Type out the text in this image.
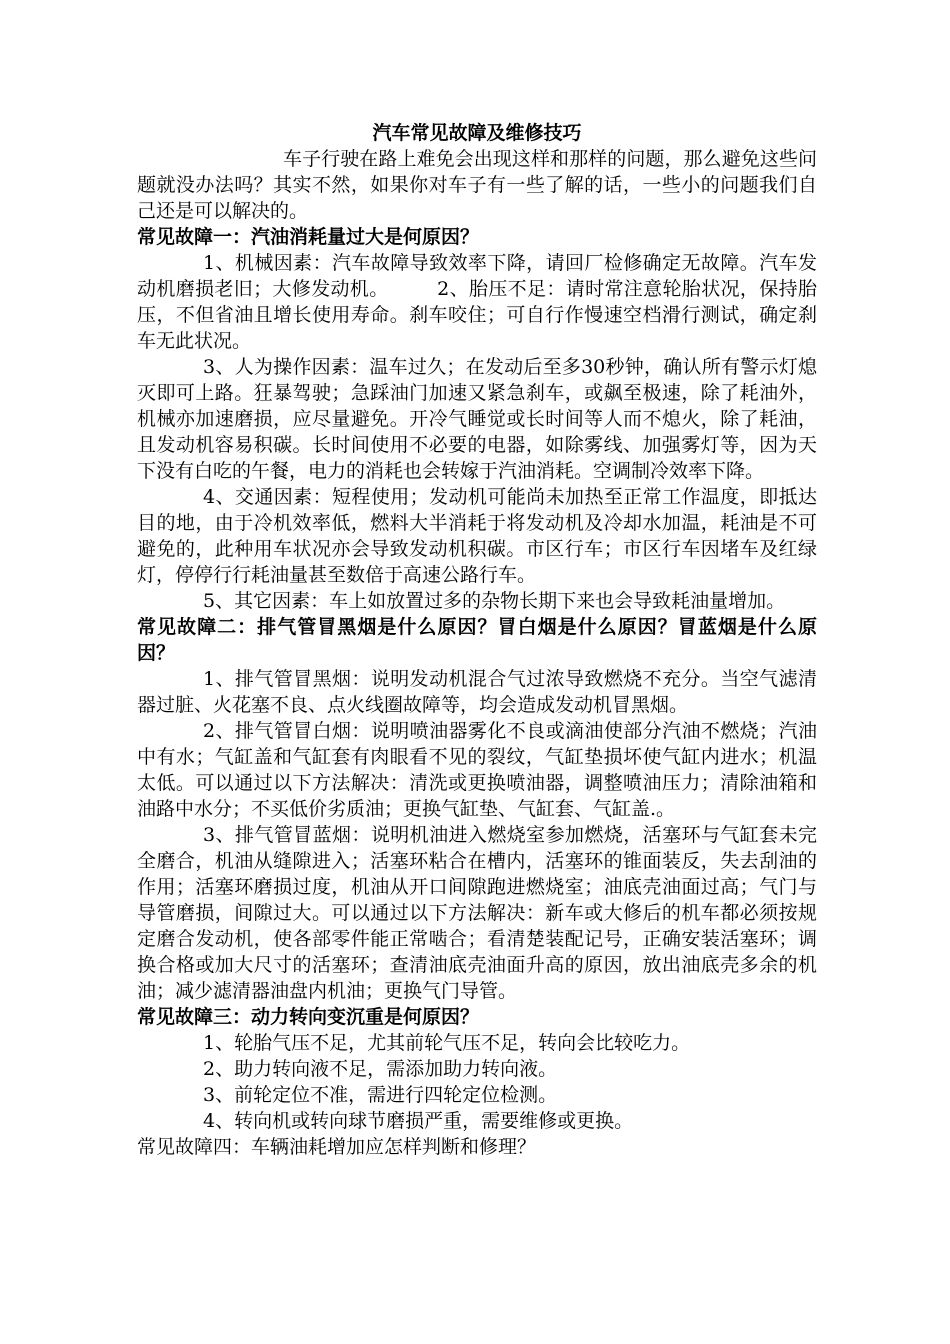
汽车常见故障及维修技巧

车子行驶在路上难免会出现这样和那样的问题，那么避免这些问题就没办法吗？其实不然，如果你对车子有一些了解的话，一些小的问题我们自己还是可以解决的。

常见故障一：汽油消耗量过大是何原因？

1、机械因素：汽车故障导致效率下降，请回厂检修确定无故障。汽车发动机磨损老旧；大修发动机。　　　2、胎压不足：请时常注意轮胎状况，保持胎压，不但省油且增长使用寿命。刹车咬住；可自行作慢速空档滑行测试，确定刹车无此状况。

3、人为操作因素：温车过久；在发动后至多30秒钟，确认所有警示灯熄灭即可上路。狂暴驾驶；急踩油门加速又紧急刹车，或飙至极速，除了耗油外，机械亦加速磨损，应尽量避免。开冷气睡觉或长时间等人而不熄火，除了耗油，且发动机容易积碳。长时间使用不必要的电器，如除雾线、加强雾灯等，因为天下没有白吃的午餐，电力的消耗也会转嫁于汽油消耗。空调制冷效率下降。

4、交通因素：短程使用；发动机可能尚未加热至正常工作温度，即抵达目的地，由于冷机效率低，燃料大半消耗于将发动机及冷却水加温，耗油是不可避免的，此种用车状况亦会导致发动机积碳。市区行车；市区行车因堵车及红绿灯，停停行行耗油量甚至数倍于高速公路行车。

5、其它因素：车上如放置过多的杂物长期下来也会导致耗油量增加。

常见故障二：排气管冒黑烟是什么原因？冒白烟是什么原因？冒蓝烟是什么原因？

1、排气管冒黑烟：说明发动机混合气过浓导致燃烧不充分。当空气滤清器过脏、火花塞不良、点火线圈故障等，均会造成发动机冒黑烟。

2、排气管冒白烟：说明喷油器雾化不良或滴油使部分汽油不燃烧；汽油中有水；气缸盖和气缸套有肉眼看不见的裂纹，气缸垫损坏使气缸内进水；机温太低。可以通过以下方法解决：清洗或更换喷油器，调整喷油压力；清除油箱和油路中水分；不买低价劣质油；更换气缸垫、气缸套、气缸盖.。

3、排气管冒蓝烟：说明机油进入燃烧室参加燃烧，活塞环与气缸套未完全磨合，机油从缝隙进入；活塞环粘合在槽内，活塞环的锥面装反，失去刮油的作用；活塞环磨损过度，机油从开口间隙跑进燃烧室；油底壳油面过高；气门与导管磨损，间隙过大。可以通过以下方法解决：新车或大修后的机车都必须按规定磨合发动机，使各部零件能正常啮合；看清楚装配记号，正确安装活塞环；调换合格或加大尺寸的活塞环；查清油底壳油面升高的原因，放出油底壳多余的机油；减少滤清器油盘内机油；更换气门导管。

常见故障三：动力转向变沉重是何原因？

1、轮胎气压不足，尤其前轮气压不足，转向会比较吃力。

2、助力转向液不足，需添加助力转向液。

3、前轮定位不准，需进行四轮定位检测。

4、转向机或转向球节磨损严重，需要维修或更换。

常见故障四：车辆油耗增加应怎样判断和修理？
